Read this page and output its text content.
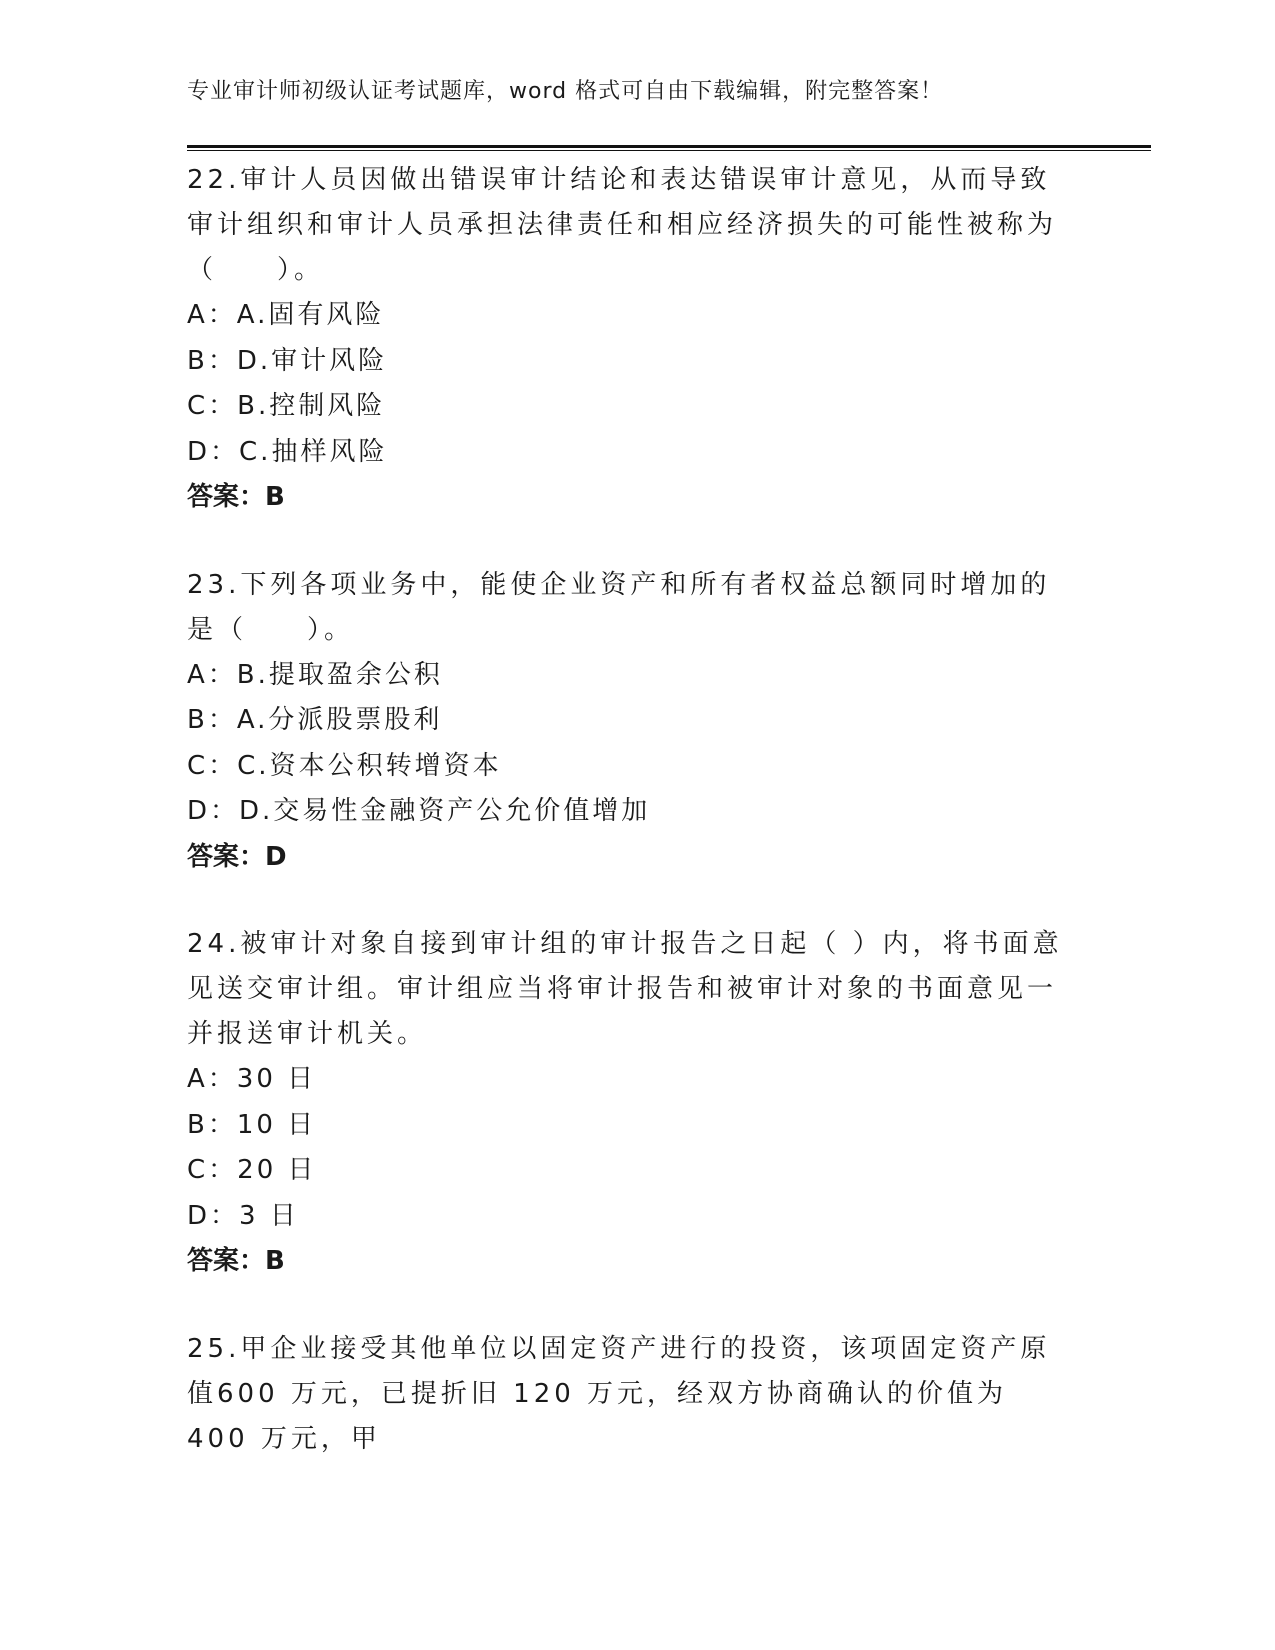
专业审计师初级认证考试题库，word 格式可自由下载编辑，附完整答案！

22.审计人员因做出错误审计结论和表达错误审计意见，从而导致审计组织和审计人员承担法律责任和相应经济损失的可能性被称为（　　）。

A：A.固有风险

B：D.审计风险

C：B.控制风险

D：C.抽样风险

答案：B

23.下列各项业务中，能使企业资产和所有者权益总额同时增加的是（　　）。

A：B.提取盈余公积

B：A.分派股票股利

C：C.资本公积转增资本

D：D.交易性金融资产公允价值增加

答案：D

24.被审计对象自接到审计组的审计报告之日起（ ）内，将书面意见送交审计组。审计组应当将审计报告和被审计对象的书面意见一并报送审计机关。

A：30 日

B：10 日

C：20 日

D：3 日

答案：B

25.甲企业接受其他单位以固定资产进行的投资，该项固定资产原值600 万元，已提折旧 120 万元，经双方协商确认的价值为 400 万元，甲
